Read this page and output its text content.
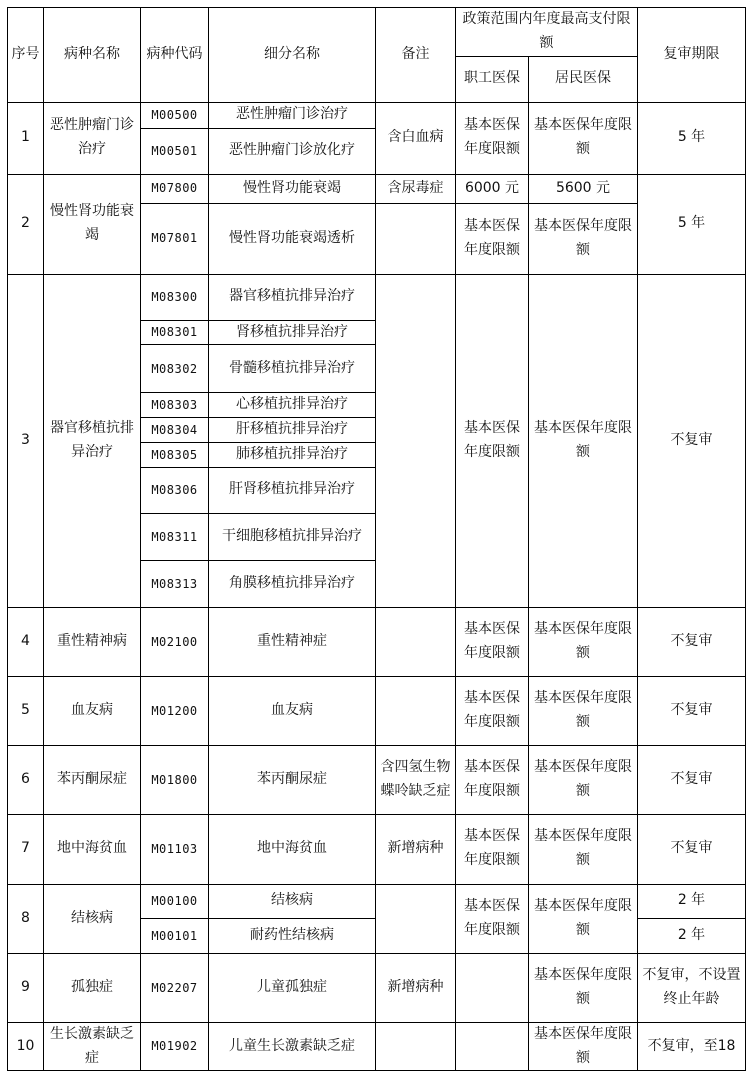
序号	病种名称	病种代码	细分名称	备注	政策范围内年度最高支付限额		复审期限
					职工医保	居民医保	
1	恶性肿瘤门诊治疗	M00500	恶性肿瘤门诊治疗	含白血病	基本医保年度限额	基本医保年度限额	5 年
		M00501	恶性肿瘤门诊放化疗				
2	慢性肾功能衰竭	M07800	慢性肾功能衰竭	含尿毒症	6000 元	5600 元	5 年
		M07801	慢性肾功能衰竭透析		基本医保年度限额	基本医保年度限额	
3	器官移植抗排异治疗	M08300	器官移植抗排异治疗		基本医保年度限额	基本医保年度限额	不复审
		M08301	肾移植抗排异治疗				
		M08302	骨髓移植抗排异治疗				
		M08303	心移植抗排异治疗				
		M08304	肝移植抗排异治疗				
		M08305	肺移植抗排异治疗				
		M08306	肝肾移植抗排异治疗				
		M08311	干细胞移植抗排异治疗				
		M08313	角膜移植抗排异治疗				
4	重性精神病	M02100	重性精神症		基本医保年度限额	基本医保年度限额	不复审
5	血友病	M01200	血友病		基本医保年度限额	基本医保年度限额	不复审
6	苯丙酮尿症	M01800	苯丙酮尿症	含四氢生物蝶呤缺乏症	基本医保年度限额	基本医保年度限额	不复审
7	地中海贫血	M01103	地中海贫血	新增病种	基本医保年度限额	基本医保年度限额	不复审
8	结核病	M00100	结核病		基本医保年度限额	基本医保年度限额	2 年
		M00101	耐药性结核病				2 年
9	孤独症	M02207	儿童孤独症	新增病种		基本医保年度限额	不复审，不设置终止年龄
10	生长激素缺乏症	M01902	儿童生长激素缺乏症			基本医保年度限额	不复审，至18
